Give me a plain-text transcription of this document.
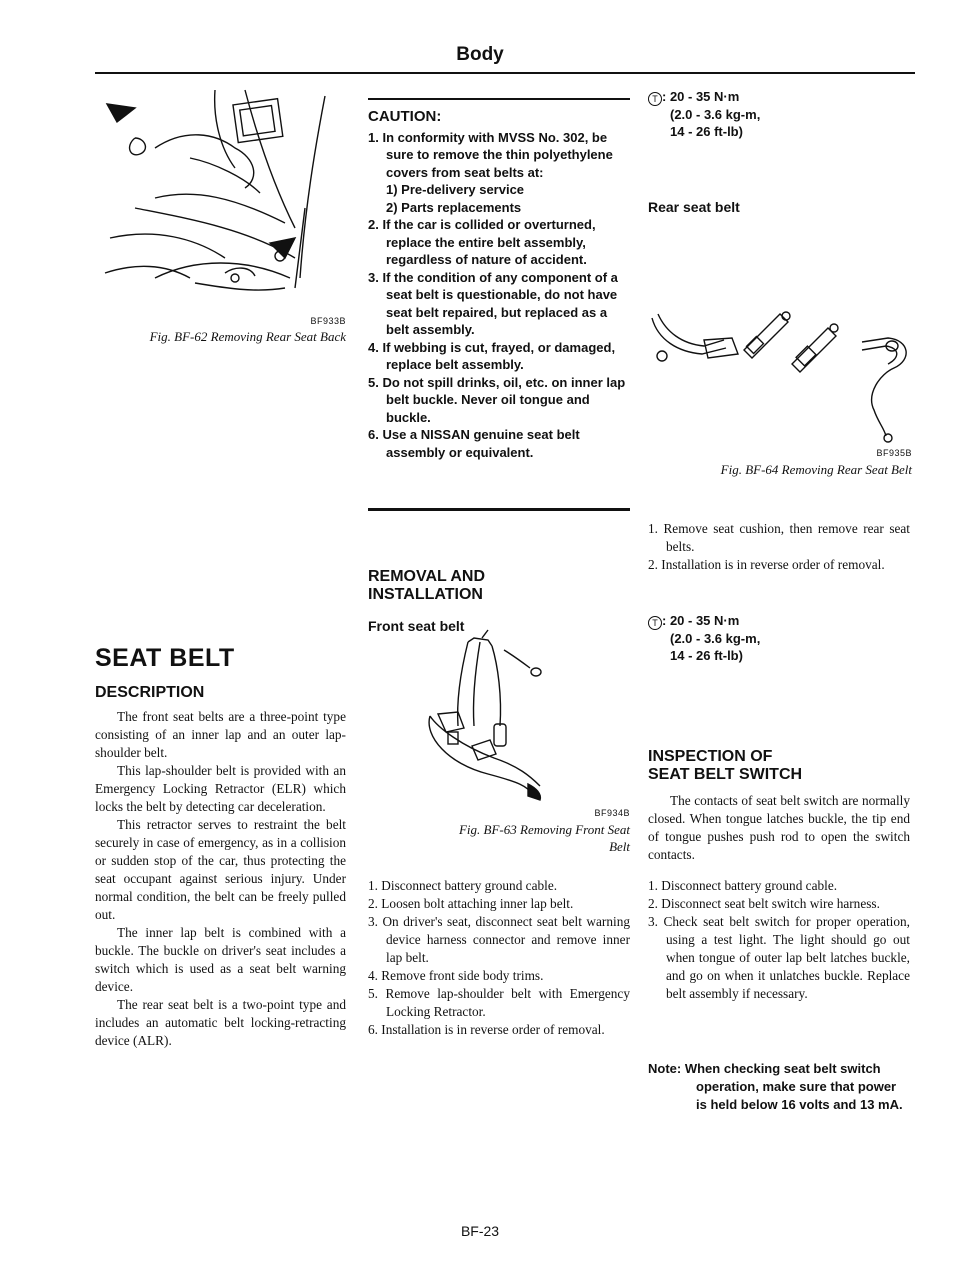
Body
BF933B
Fig. BF-62 Removing Rear Seat Back
SEAT BELT
DESCRIPTION

The front seat belts are a three-point type consisting of an inner lap and an outer lap-shoulder belt.

This lap-shoulder belt is provided with an Emergency Locking Retractor (ELR) which locks the belt by detecting car deceleration.

This retractor serves to restraint the belt securely in case of emergency, as in a collision or sudden stop of the car, thus protecting the seat occupant against serious injury. Under normal condition, the belt can be freely pulled out.

The inner lap belt is combined with a buckle. The buckle on driver's seat includes a switch which is used as a seat belt warning device.

The rear seat belt is a two-point type and includes an automatic belt locking-retracting device (ALR).

CAUTION:
1. In conformity with MVSS No. 302, be sure to remove the thin polyethylene covers from seat belts at:
1) Pre-delivery service
2) Parts replacements
2. If the car is collided or overturned, replace the entire belt assembly, regardless of nature of accident.
3. If the condition of any component of a seat belt is questionable, do not have seat belt repaired, but replaced as a belt assembly.
4. If webbing is cut, frayed, or damaged, replace belt assembly.
5. Do not spill drinks, oil, etc. on inner lap belt buckle. Never oil tongue and buckle.
6. Use a NISSAN genuine seat belt assembly or equivalent.
REMOVAL AND
INSTALLATION
Front seat belt
BF934B
Fig. BF-63 Removing Front Seat Belt
1. Disconnect battery ground cable.
2. Loosen bolt attaching inner lap belt.
3. On driver's seat, disconnect seat belt warning device harness connector and remove inner lap belt.
4. Remove front side body trims.
5. Remove lap-shoulder belt with Emergency Locking Retractor.
6. Installation is in reverse order of removal.
T : 20 - 35 N·m
(2.0 - 3.6 kg-m,
14 - 26 ft-lb)
Rear seat belt
BF935B
Fig. BF-64 Removing Rear Seat Belt
1. Remove seat cushion, then remove rear seat belts.
2. Installation is in reverse order of removal.
T : 20 - 35 N·m
(2.0 - 3.6 kg-m,
14 - 26 ft-lb)
INSPECTION OF
SEAT BELT SWITCH

The contacts of seat belt switch are normally closed. When tongue latches buckle, the tip end of tongue pushes push rod to open the switch contacts.

1. Disconnect battery ground cable.
2. Disconnect seat belt switch wire harness.
3. Check seat belt switch for proper operation, using a test light. The light should go out when tongue of outer lap belt latches buckle, and go on when it unlatches buckle. Replace belt assembly if necessary.
Note: When checking seat belt switch operation, make sure that power is held below 16 volts and 13 mA.
BF-23
